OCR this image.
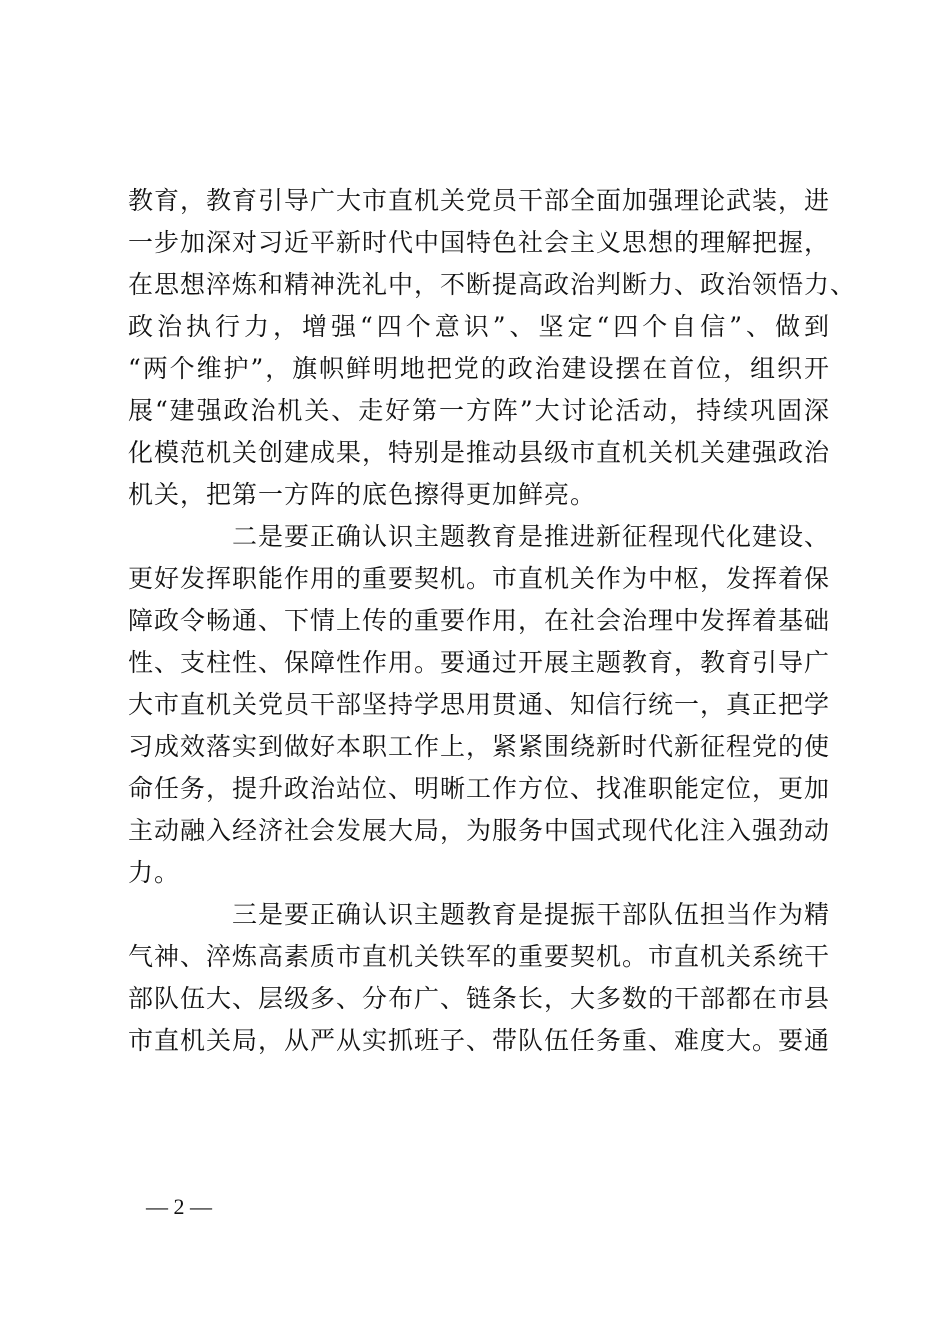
教育，教育引导广大市直机关党员干部全面加强理论武装，进
一步加深对习近平新时代中国特色社会主义思想的理解把握，
在思想淬炼和精神洗礼中，不断提高政治判断力、政治领悟力、
政治执行力，增强“四个意识”、坚定“四个自信”、做到
“两个维护”，旗帜鲜明地把党的政治建设摆在首位，组织开
展“建强政治机关、走好第一方阵”大讨论活动，持续巩固深
化模范机关创建成果，特别是推动县级市直机关机关建强政治
机关，把第一方阵的底色擦得更加鲜亮。
二是要正确认识主题教育是推进新征程现代化建设、
更好发挥职能作用的重要契机。市直机关作为中枢，发挥着保
障政令畅通、下情上传的重要作用，在社会治理中发挥着基础
性、支柱性、保障性作用。要通过开展主题教育，教育引导广
大市直机关党员干部坚持学思用贯通、知信行统一，真正把学
习成效落实到做好本职工作上，紧紧围绕新时代新征程党的使
命任务，提升政治站位、明晰工作方位、找准职能定位，更加
主动融入经济社会发展大局，为服务中国式现代化注入强劲动
力。
三是要正确认识主题教育是提振干部队伍担当作为精
气神、淬炼高素质市直机关铁军的重要契机。市直机关系统干
部队伍大、层级多、分布广、链条长，大多数的干部都在市县
市直机关局，从严从实抓班子、带队伍任务重、难度大。要通
— 2 —
